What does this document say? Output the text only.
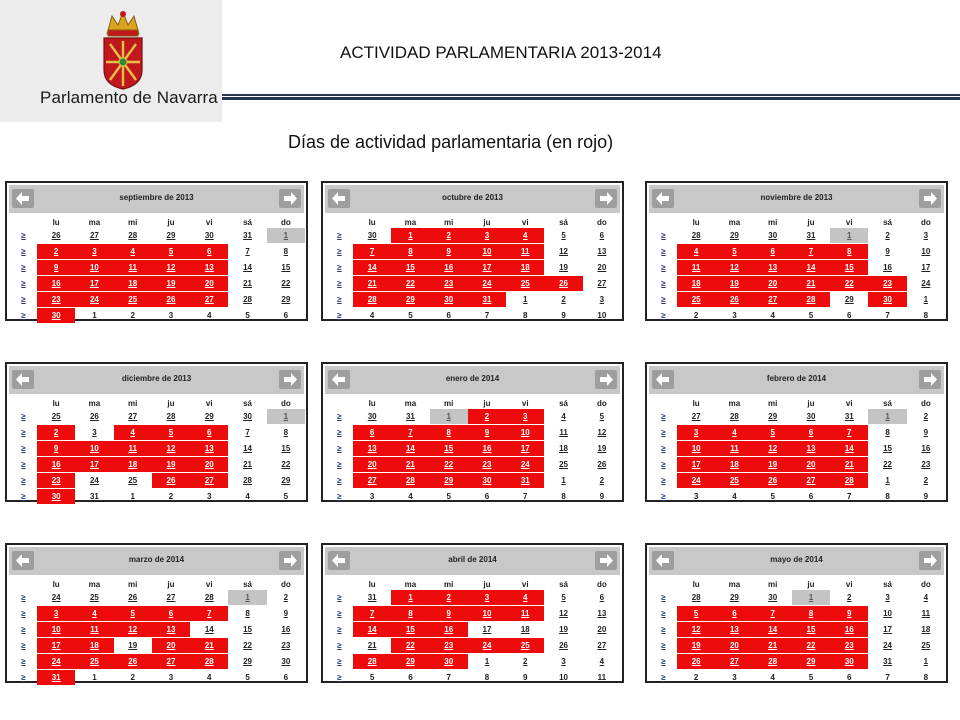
Parlamento de Navarra
ACTIVIDAD PARLAMENTARIA 2013-2014
Días de actividad parlamentaria (en rojo)
septiembre de 2013
	lu	ma	mi	ju	vi	sá	do
≥	26	27	28	29	30	31	1
≥	2	3	4	5	6	7	8
≥	9	10	11	12	13	14	15
≥	16	17	18	19	20	21	22
≥	23	24	25	26	27	28	29
≥	30	1	2	3	4	5	6
octubre de 2013
	lu	ma	mi	ju	vi	sá	do
≥	30	1	2	3	4	5	6
≥	7	8	9	10	11	12	13
≥	14	15	16	17	18	19	20
≥	21	22	23	24	25	26	27
≥	28	29	30	31	1	2	3
≥	4	5	6	7	8	9	10
noviembre de 2013
	lu	ma	mi	ju	vi	sá	do
≥	28	29	30	31	1	2	3
≥	4	5	6	7	8	9	10
≥	11	12	13	14	15	16	17
≥	18	19	20	21	22	23	24
≥	25	26	27	28	29	30	1
≥	2	3	4	5	6	7	8
diciembre de 2013
	lu	ma	mi	ju	vi	sá	do
≥	25	26	27	28	29	30	1
≥	2	3	4	5	6	7	8
≥	9	10	11	12	13	14	15
≥	16	17	18	19	20	21	22
≥	23	24	25	26	27	28	29
≥	30	31	1	2	3	4	5
enero de 2014
	lu	ma	mi	ju	vi	sá	do
≥	30	31	1	2	3	4	5
≥	6	7	8	9	10	11	12
≥	13	14	15	16	17	18	19
≥	20	21	22	23	24	25	26
≥	27	28	29	30	31	1	2
≥	3	4	5	6	7	8	9
febrero de 2014
	lu	ma	mi	ju	vi	sá	do
≥	27	28	29	30	31	1	2
≥	3	4	5	6	7	8	9
≥	10	11	12	13	14	15	16
≥	17	18	19	20	21	22	23
≥	24	25	26	27	28	1	2
≥	3	4	5	6	7	8	9
marzo de 2014
	lu	ma	mi	ju	vi	sá	do
≥	24	25	26	27	28	1	2
≥	3	4	5	6	7	8	9
≥	10	11	12	13	14	15	16
≥	17	18	19	20	21	22	23
≥	24	25	26	27	28	29	30
≥	31	1	2	3	4	5	6
abril de 2014
	lu	ma	mi	ju	vi	sá	do
≥	31	1	2	3	4	5	6
≥	7	8	9	10	11	12	13
≥	14	15	16	17	18	19	20
≥	21	22	23	24	25	26	27
≥	28	29	30	1	2	3	4
≥	5	6	7	8	9	10	11
mayo de 2014
	lu	ma	mi	ju	vi	sá	do
≥	28	29	30	1	2	3	4
≥	5	6	7	8	9	10	11
≥	12	13	14	15	16	17	18
≥	19	20	21	22	23	24	25
≥	26	27	28	29	30	31	1
≥	2	3	4	5	6	7	8
